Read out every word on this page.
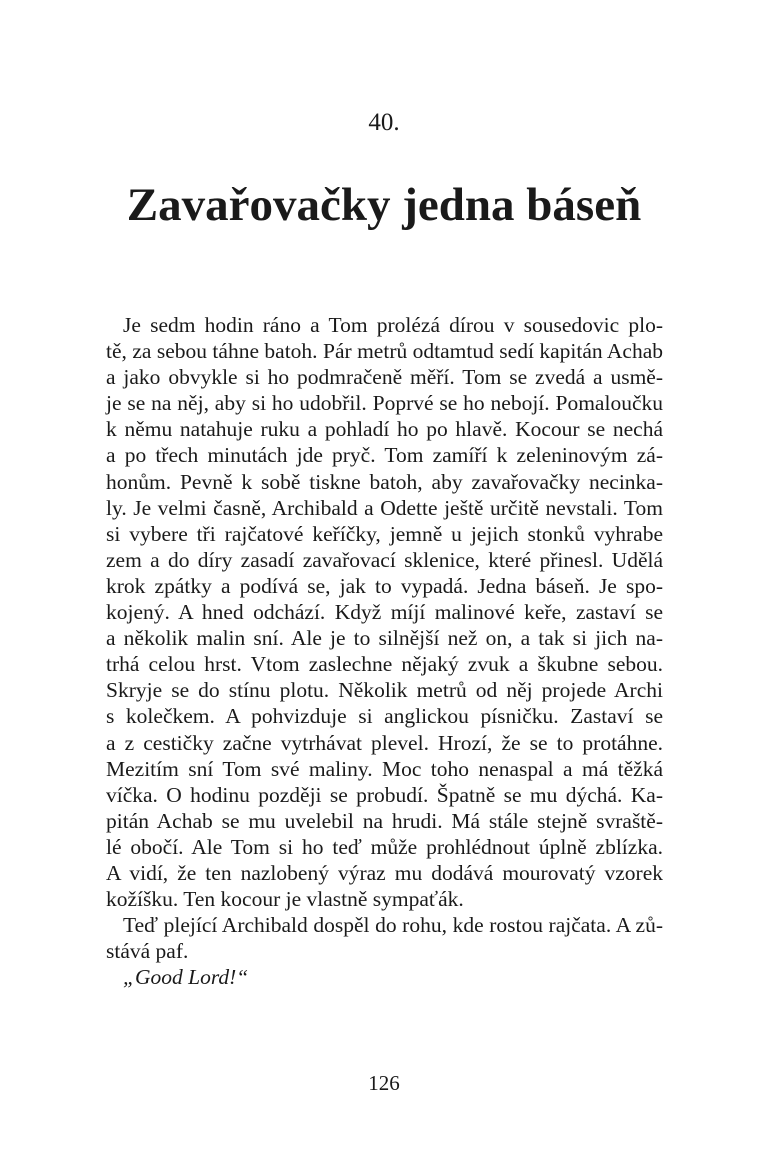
40.
Zavařovačky jedna báseň
Je sedm hodin ráno a Tom prolézá dírou v sousedovic plo-
tě, za sebou táhne batoh. Pár metrů odtamtud sedí kapitán Achab
a jako obvykle si ho podmračeně měří. Tom se zvedá a usmě-
je se na něj, aby si ho udobřil. Poprvé se ho nebojí. Pomaloučku
k němu natahuje ruku a pohladí ho po hlavě. Kocour se nechá
a po třech minutách jde pryč. Tom zamíří k zeleninovým zá-
honům. Pevně k sobě tiskne batoh, aby zavařovačky necinka-
ly. Je velmi časně, Archibald a Odette ještě určitě nevstali. Tom
si vybere tři rajčatové keříčky, jemně u jejich stonků vyhrabe
zem a do díry zasadí zavařovací sklenice, které přinesl. Udělá
krok zpátky a podívá se, jak to vypadá. Jedna báseň. Je spo-
kojený. A hned odchází. Když míjí malinové keře, zastaví se
a několik malin sní. Ale je to silnější než on, a tak si jich na-
trhá celou hrst. Vtom zaslechne nějaký zvuk a škubne sebou.
Skryje se do stínu plotu. Několik metrů od něj projede Archi
s kolečkem. A pohvizduje si anglickou písničku. Zastaví se
a z cestičky začne vytrhávat plevel. Hrozí, že se to protáhne.
Mezitím sní Tom své maliny. Moc toho nenaspal a má těžká
víčka. O hodinu později se probudí. Špatně se mu dýchá. Ka-
pitán Achab se mu uvelebil na hrudi. Má stále stejně svraště-
lé obočí. Ale Tom si ho teď může prohlédnout úplně zblízka.
A vidí, že ten nazlobený výraz mu dodává mourovatý vzorek
kožíšku. Ten kocour je vlastně sympaťák.
Teď plející Archibald dospěl do rohu, kde rostou rajčata. A zů-
stává paf.
„Good Lord!“
126
